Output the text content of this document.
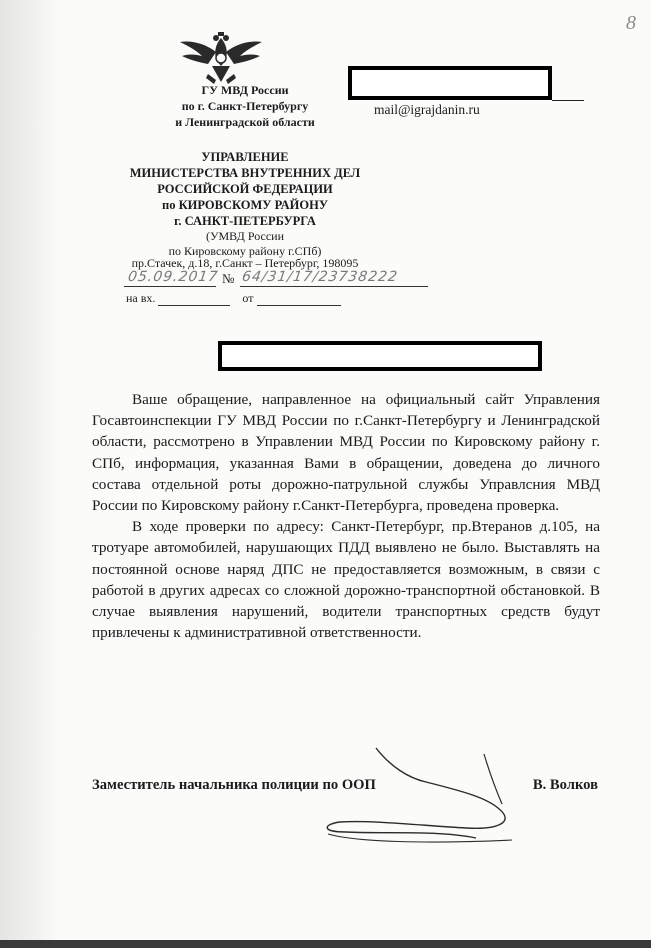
8
ГУ МВД России
по г. Санкт-Петербургу
и Ленинградской области
УПРАВЛЕНИЕ
МИНИСТЕРСТВА ВНУТРЕННИХ ДЕЛ
РОССИЙСКОЙ ФЕДЕРАЦИИ
по КИРОВСКОМУ РАЙОНУ
г. САНКТ-ПЕТЕРБУРГА
(УМВД России
по Кировскому району г.СПб)
пр.Стачек, д.18, г.Санкт – Петербург, 198095
05.09.2017 № 64/31/17/23738222
на вх.	от
mail@igrajdanin.ru

Ваше обращение, направленное на официальный сайт Управления Госавтоинспекции ГУ МВД России по г.Санкт-Петербургу и Ленинградской области, рассмотрено в Управлении МВД России по Кировскому району г. СПб, информация, указанная Вами в обращении, доведена до личного состава отдельной роты дорожно-патрульной службы Управлсния МВД России по Кировскому району г.Санкт-Петербурга, проведена проверка.

В ходе проверки по адресу: Санкт-Петербург, пр.Втеранов д.105, на тротуаре автомобилей, нарушающих ПДД выявлено не было. Выставлять на постоянной основе наряд ДПС не предоставляется возможным, в связи с работой в других адресах со сложной дорожно-транспортной обстановкой. В случае выявления нарушений, водители транспортных средств будут привлечены к административной ответственности.

Заместитель начальника полиции по ООП	В. Волков
